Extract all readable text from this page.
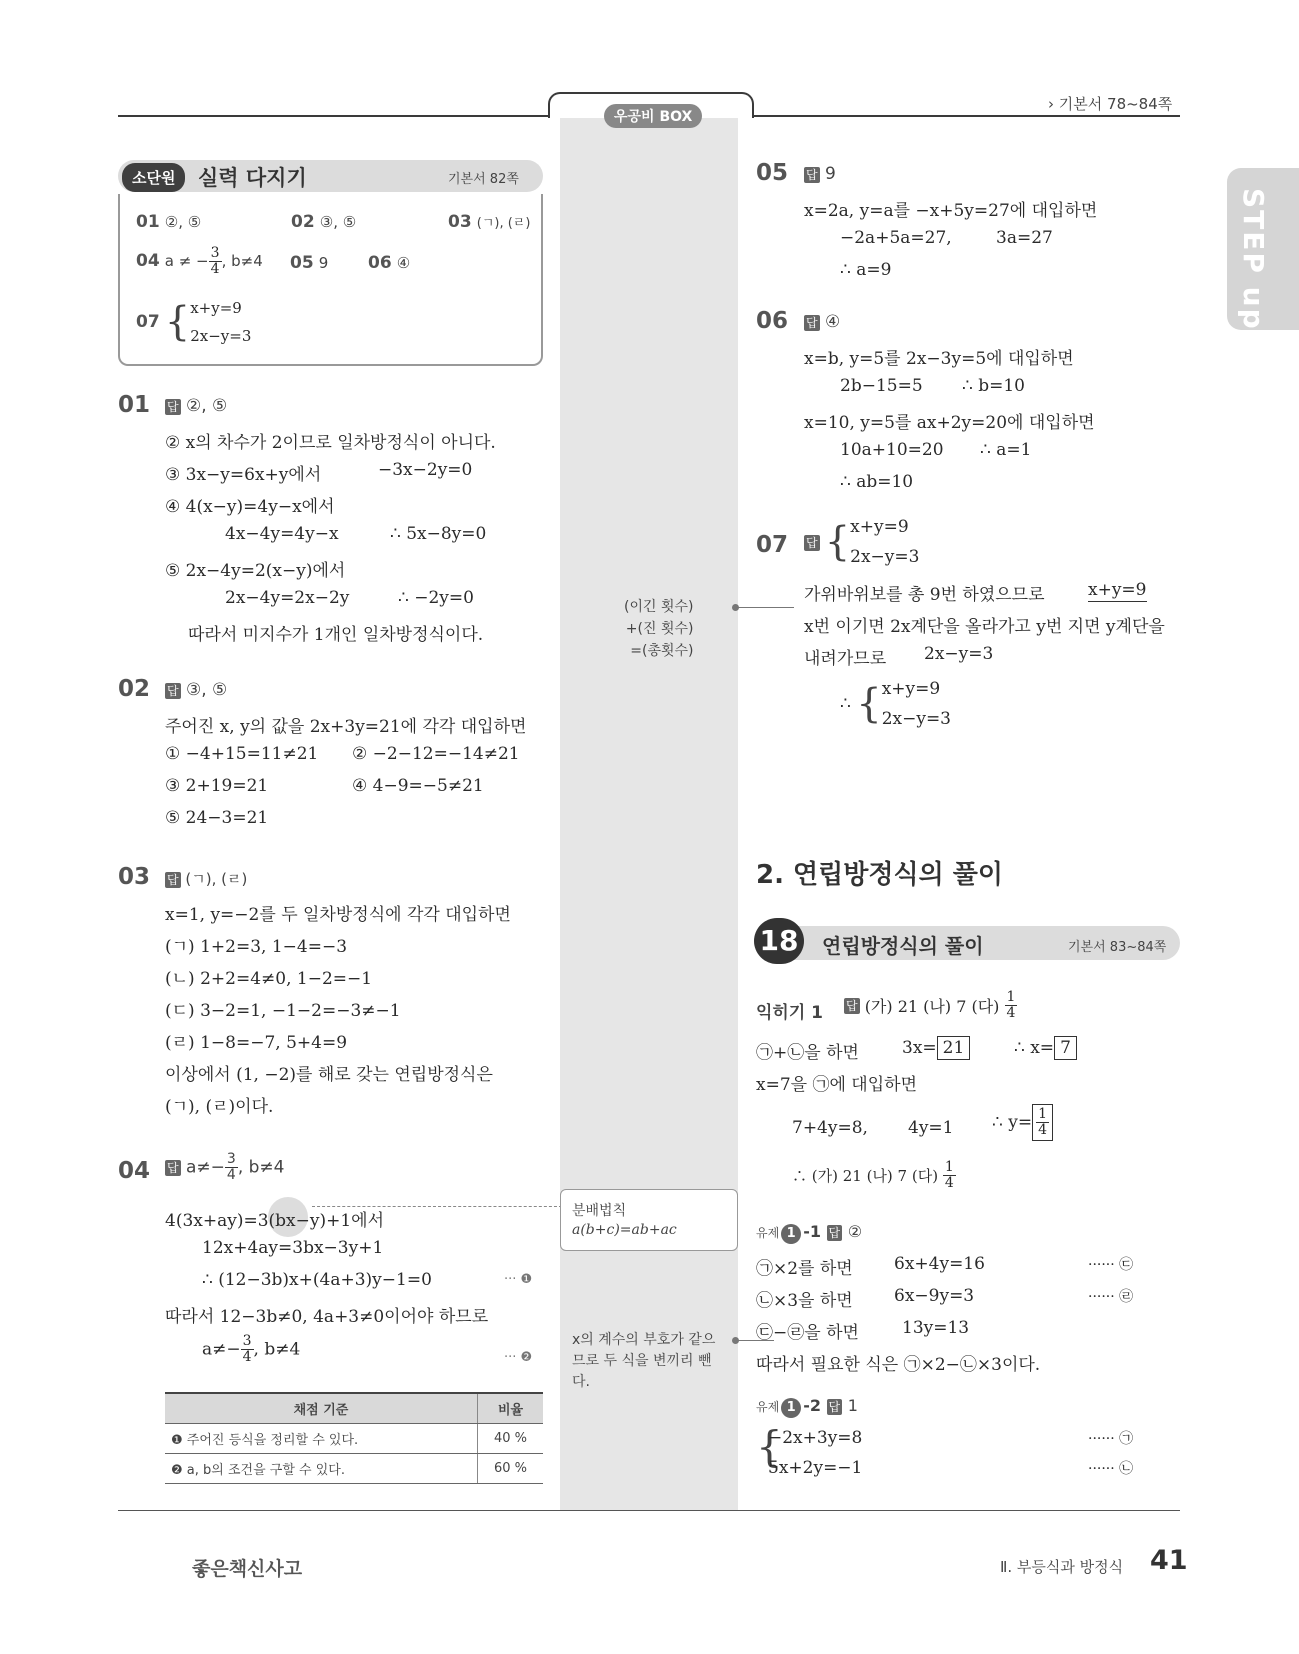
우공비 BOX
› 기본서 78~84쪽
STEP up
소단원	실력 다지기	기본서 82쪽
01 ②, ⑤	02 ③, ⑤	03 (ㄱ), (ㄹ)
04 a ≠ − $\frac{3}{4}$ , b≠4 05 9 06 ④
07 { x+y=9
2x−y=3
01 답 ②, ⑤
② x의 차수가 2이므로 일차방정식이 아니다.
③ 3x−y=6x+y에서	−3x−2y=0
④ 4(x−y)=4y−x에서
4x−4y=4y−x	∴ 5x−8y=0
⑤ 2x−4y=2(x−y)에서
2x−4y=2x−2y	∴ −2y=0
따라서 미지수가 1개인 일차방정식이다.
02 답 ③, ⑤
주어진 x, y의 값을 2x+3y=21에 각각 대입하면
① −4+15=11≠21 ② −2−12=−14≠21
③ 2+19=21	④ 4−9=−5≠21
⑤ 24−3=21
03 답 (ㄱ), (ㄹ)
x=1, y=−2를 두 일차방정식에 각각 대입하면
(ㄱ) 1+2=3, 1−4=−3
(ㄴ) 2+2=4≠0, 1−2=−1
(ㄷ) 3−2=1, −1−2=−3≠−1
(ㄹ) 1−8=−7, 5+4=9
이상에서 (1, −2)를 해로 갖는 연립방정식은
(ㄱ), (ㄹ)이다.
04 답 $a\ne- \frac{3}{4}$ , b≠4
4(3x+ay)=3(bx−y)+1에서
12x+4ay=3bx−3y+1
∴ (12−3b)x+(4a+3)y−1=0	··· ❶
따라서 12−3b≠0, 4a+3≠0이어야 하므로
$a\ne- \frac{3}{4}$ , b≠4	··· ❷
채점 기준	비율
❶ 주어진 등식을 정리할 수 있다.	40 %
❷ a, b의 조건을 구할 수 있다.	60 %
(이긴 횟수)
+(진 횟수)
=(총횟수)
분배법칙
a(b+c)=ab+ac
x의 계수의 부호가 같으
므로 두 식을 변끼리 뺀
다.
05 답 9
x=2a, y=a를 −x+5y=27에 대입하면
−2a+5a=27,	3a=27
∴ a=9
06 답 ④
x=b, y=5를 2x−3y=5에 대입하면
2b−15=5 ∴ b=10
x=10, y=5를 ax+2y=20에 대입하면
10a+10=20 ∴ a=1
∴ ab=10
07 답 { x+y=9
2x−y=3
가위바위보를 총 9번 하였으므로	x+y=9
x번 이기면 2x계단을 올라가고 y번 지면 y계단을
내려가므로 2x−y=3
∴ { x+y=9
2x−y=3
2. 연립방정식의 풀이
18 연립방정식의 풀이	기본서 83~84쪽
익히기 1 답 (가) 21 (나) 7 (다) $\frac{1}{4}$
㉠+㉡을 하면	3x= 21	∴ x= 7
x=7을 ㉠에 대입하면
7+4y=8, 4y=1 ∴ $y= \frac{1}{4}$
∴ (가) 21 (나) 7 (다) $\frac{1}{4}$
유제 1 -1 답 ②
㉠×2를 하면 6x+4y=16	······ ㉢
㉡×3을 하면 6x−9y=3	······ ㉣
㉢−㉣을 하면	13y=13
따라서 필요한 식은 ㉠×2−㉡×3이다.
유제 1 -2 답 1
{
−2x+3y=8	······ ㉠
5x+2y=−1	······ ㉡
좋은책신사고	Ⅱ. 부등식과 방정식 41
